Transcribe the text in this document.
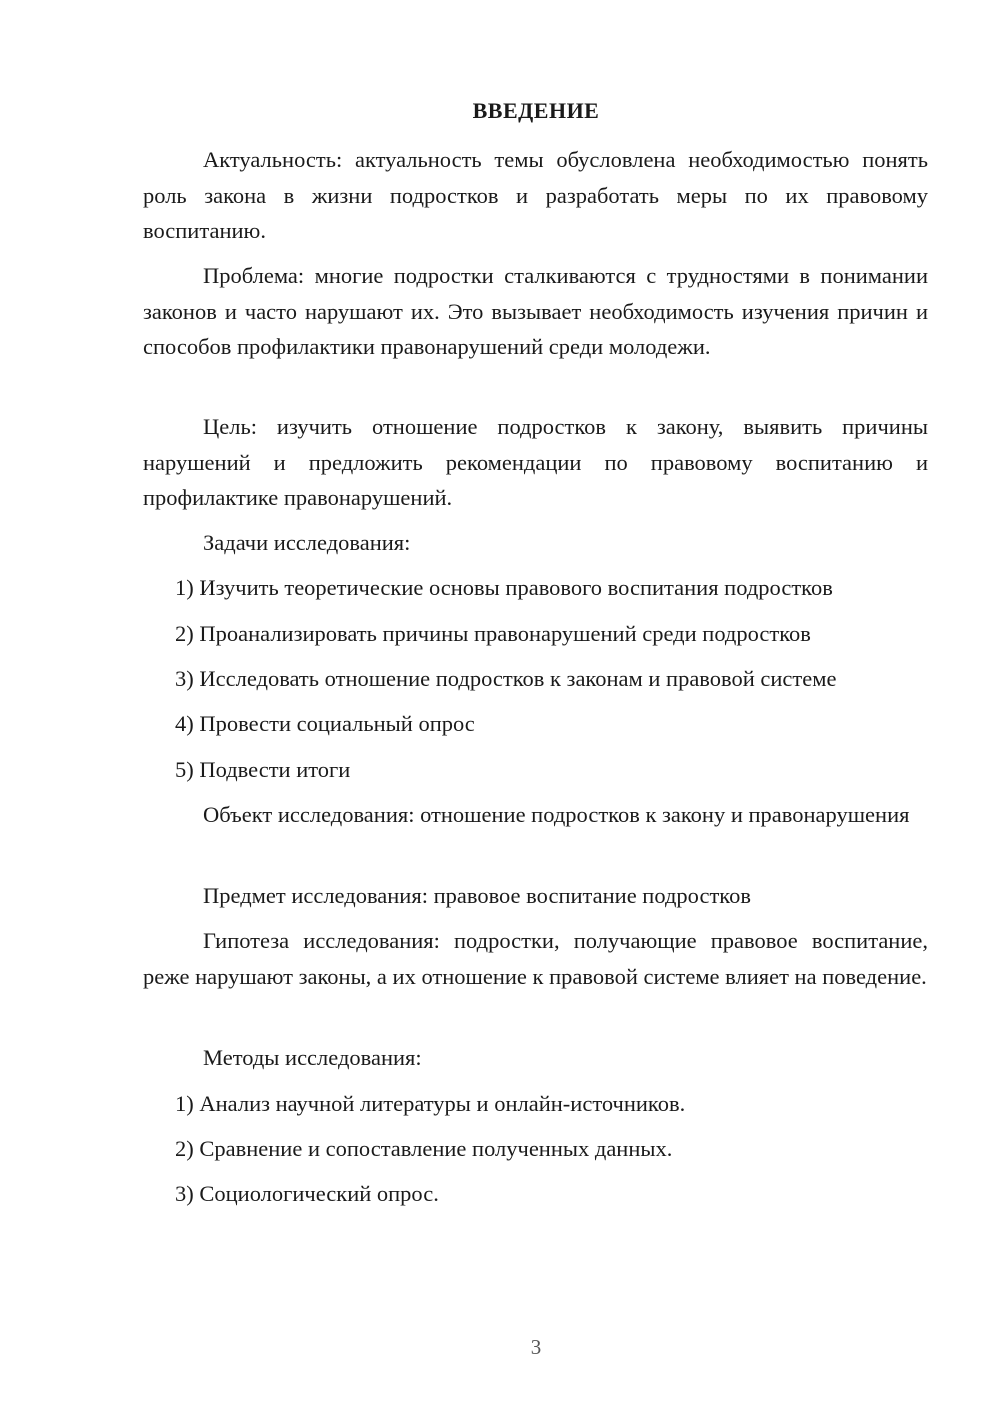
ВВЕДЕНИЕ

Актуальность: актуальность темы обусловлена необходимостью понять роль закона в жизни подростков и разработать меры по их правовому воспитанию.

Проблема: многие подростки сталкиваются с трудностями в понимании законов и часто нарушают их. Это вызывает необходимость изучения причин и способов профилактики правонарушений среди молодежи.

Цель: изучить отношение подростков к закону, выявить причины нарушений и предложить рекомендации по правовому воспитанию и профилактике правонарушений.

Задачи исследования:

1) Изучить теоретические основы правового воспитания подростков

2) Проанализировать причины правонарушений среди подростков

3) Исследовать отношение подростков к законам и правовой системе

4) Провести социальный опрос

5) Подвести итоги

Объект исследования: отношение подростков к закону и правонарушения

Предмет исследования: правовое воспитание подростков

Гипотеза исследования: подростки, получающие правовое воспитание, реже нарушают законы, а их отношение к правовой системе влияет на поведение.

Методы исследования:

1) Анализ научной литературы и онлайн-источников.

2) Сравнение и сопоставление полученных данных.

3) Социологический опрос.

3
